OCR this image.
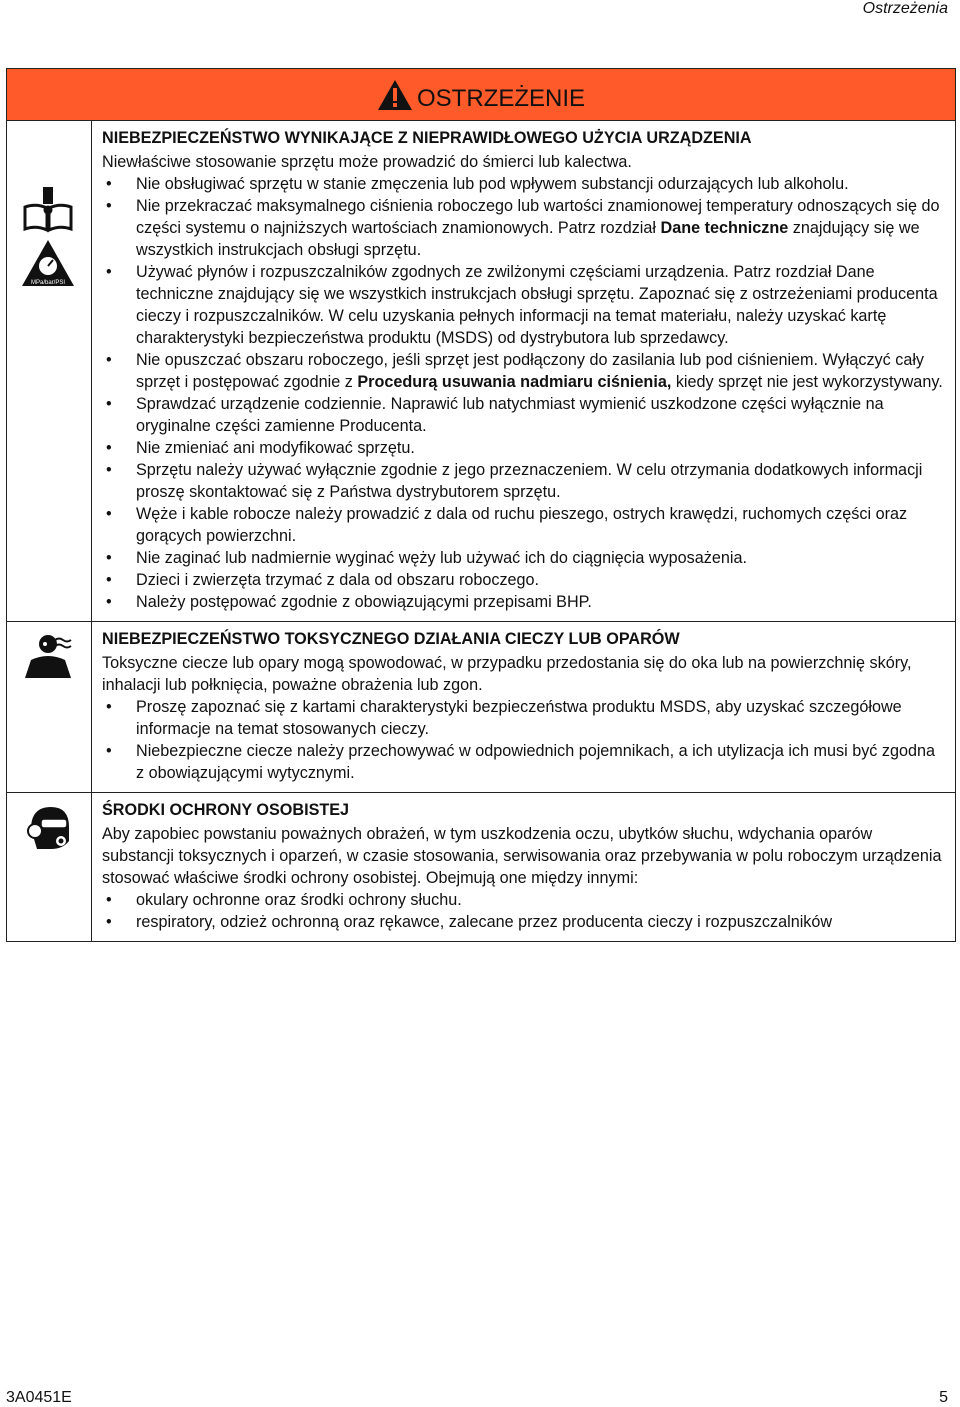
Ostrzeżenia
OSTRZEŻENIE
MPa/bar/PSI
NIEBEZPIECZEŃSTWO WYNIKAJĄCE Z NIEPRAWIDŁOWEGO UŻYCIA URZĄDZENIA

Niewłaściwe stosowanie sprzętu może prowadzić do śmierci lub kalectwa.

• Nie obsługiwać sprzętu w stanie zmęczenia lub pod wpływem substancji odurzających lub alkoholu.
• Nie przekraczać maksymalnego ciśnienia roboczego lub wartości znamionowej temperatury odnoszących się do części systemu o najniższych wartościach znamionowych. Patrz rozdział Dane techniczne znajdujący się we wszystkich instrukcjach obsługi sprzętu.
• Używać płynów i rozpuszczalników zgodnych ze zwilżonymi częściami urządzenia. Patrz rozdział Dane techniczne znajdujący się we wszystkich instrukcjach obsługi sprzętu. Zapoznać się z ostrzeżeniami producenta cieczy i rozpuszczalników. W celu uzyskania pełnych informacji na temat materiału, należy uzyskać kartę charakterystyki bezpieczeństwa produktu (MSDS) od dystrybutora lub sprzedawcy.
• Nie opuszczać obszaru roboczego, jeśli sprzęt jest podłączony do zasilania lub pod ciśnieniem. Wyłączyć cały sprzęt i postępować zgodnie z Procedurą usuwania nadmiaru ciśnienia, kiedy sprzęt nie jest wykorzystywany.
• Sprawdzać urządzenie codziennie. Naprawić lub natychmiast wymienić uszkodzone części wyłącznie na oryginalne części zamienne Producenta.
• Nie zmieniać ani modyfikować sprzętu.
• Sprzętu należy używać wyłącznie zgodnie z jego przeznaczeniem. W celu otrzymania dodatkowych informacji proszę skontaktować się z Państwa dystrybutorem sprzętu.
• Węże i kable robocze należy prowadzić z dala od ruchu pieszego, ostrych krawędzi, ruchomych części oraz gorących powierzchni.
• Nie zaginać lub nadmiernie wyginać węży lub używać ich do ciągnięcia wyposażenia.
• Dzieci i zwierzęta trzymać z dala od obszaru roboczego.
• Należy postępować zgodnie z obowiązującymi przepisami BHP.
NIEBEZPIECZEŃSTWO TOKSYCZNEGO DZIAŁANIA CIECZY LUB OPARÓW

Toksyczne ciecze lub opary mogą spowodować, w przypadku przedostania się do oka lub na powierzchnię skóry, inhalacji lub połknięcia, poważne obrażenia lub zgon.

• Proszę zapoznać się z kartami charakterystyki bezpieczeństwa produktu MSDS, aby uzyskać szczegółowe informacje na temat stosowanych cieczy.
• Niebezpieczne ciecze należy przechowywać w odpowiednich pojemnikach, a ich utylizacja ich musi być zgodna z obowiązującymi wytycznymi.
ŚRODKI OCHRONY OSOBISTEJ

Aby zapobiec powstaniu poważnych obrażeń, w tym uszkodzenia oczu, ubytków słuchu, wdychania oparów substancji toksycznych i oparzeń, w czasie stosowania, serwisowania oraz przebywania w polu roboczym urządzenia stosować właściwe środki ochrony osobistej. Obejmują one między innymi:

• okulary ochronne oraz środki ochrony słuchu.
• respiratory, odzież ochronną oraz rękawce, zalecane przez producenta cieczy i rozpuszczalników
3A0451E	5
